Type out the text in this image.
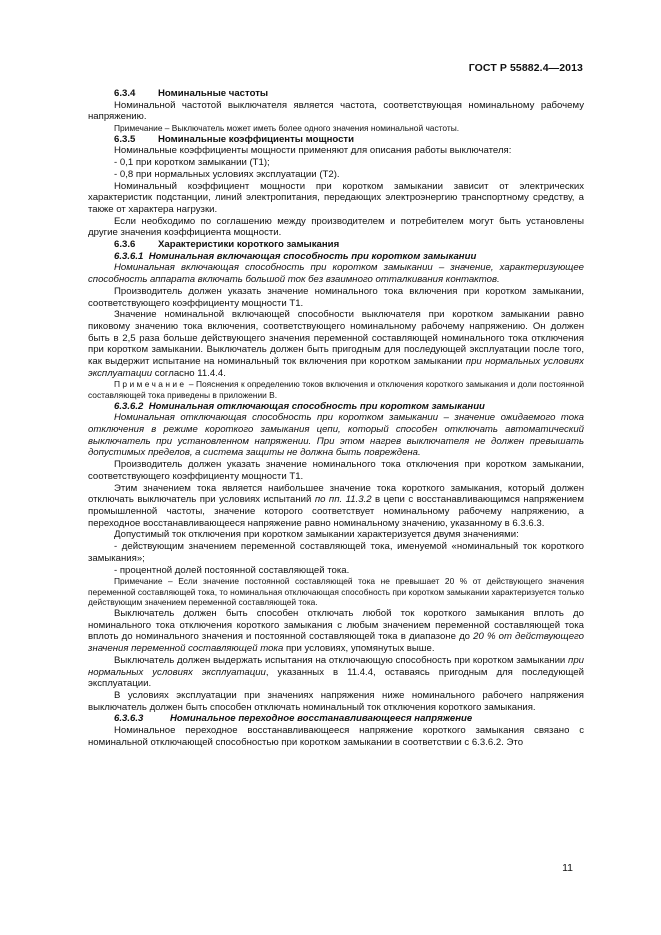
ГОСТ Р 55882.4—2013

6.3.4 Номинальные частоты

Номинальной частотой выключателя является частота, соответствующая номинальному рабочему напряжению.

Примечание – Выключатель может иметь более одного значения номинальной частоты.

6.3.5 Номинальные коэффициенты мощности

Номинальные коэффициенты мощности применяют для описания работы выключателя:

- 0,1 при коротком замыкании (Т1);

- 0,8 при нормальных условиях эксплуатации (Т2).

Номинальный коэффициент мощности при коротком замыкании зависит от электрических характеристик подстанции, линий электропитания, передающих электроэнергию транспортному средству, а также от характера нагрузки.

Если необходимо по соглашению между производителем и потребителем могут быть установлены другие значения коэффициента мощности.

6.3.6 Характеристики короткого замыкания

6.3.6.1 Номинальная включающая способность при коротком замыкании

Номинальная включающая способность при коротком замыкании – значение, характеризующее способность аппарата включать большой ток без взаимного отталкивания контактов.

Производитель должен указать значение номинального тока включения при коротком замыкании, соответствующего коэффициенту мощности Т1.

Значение номинальной включающей способности выключателя при коротком замыкании равно пиковому значению тока включения, соответствующего номинальному рабочему напряжению. Он должен быть в 2,5 раза больше действующего значения переменной составляющей номинального тока отключения при коротком замыкании. Выключатель должен быть пригодным для последующей эксплуатации после того, как выдержит испытание на номинальный ток включения при коротком замыкании при нормальных условиях эксплуатации согласно 11.4.4.

Примечание – Пояснения к определению токов включения и отключения короткого замыкания и доли постоянной составляющей тока приведены в приложении В.

6.3.6.2 Номинальная отключающая способность при коротком замыкании

Номинальная отключающая способность при коротком замыкании – значение ожидаемого тока отключения в режиме короткого замыкания цепи, который способен отключать автоматический выключатель при установленном напряжении. При этом нагрев выключателя не должен превышать допустимых пределов, а система защиты не должна быть повреждена.

Производитель должен указать значение номинального тока отключения при коротком замыкании, соответствующего коэффициенту мощности Т1.

Этим значением тока является наибольшее значение тока короткого замыкания, который должен отключать выключатель при условиях испытаний по пп. 11.3.2 в цепи с восстанавливающимся напряжением промышленной частоты, значение которого соответствует номинальному рабочему напряжению, а переходное восстанавливающееся напряжение равно номинальному значению, указанному в 6.3.6.3.

Допустимый ток отключения при коротком замыкании характеризуется двумя значениями:

- действующим значением переменной составляющей тока, именуемой «номинальный ток короткого замыкания»;

- процентной долей постоянной составляющей тока.

Примечание – Если значение постоянной составляющей тока не превышает 20 % от действующего значения переменной составляющей тока, то номинальная отключающая способность при коротком замыкании характеризуется только действующим значением переменной составляющей тока.

Выключатель должен быть способен отключать любой ток короткого замыкания вплоть до номинального тока отключения короткого замыкания с любым значением переменной составляющей тока вплоть до номинального значения и постоянной составляющей тока в диапазоне до 20 % от действующего значения переменной составляющей тока при условиях, упомянутых выше.

Выключатель должен выдержать испытания на отключающую способность при коротком замыкании при нормальных условиях эксплуатации, указанных в 11.4.4, оставаясь пригодным для последующей эксплуатации.

В условиях эксплуатации при значениях напряжения ниже номинального рабочего напряжения выключатель должен быть способен отключать номинальный ток отключения короткого замыкания.

6.3.6.3	Номинальное переходное восстанавливающееся напряжение

Номинальное переходное восстанавливающееся напряжение короткого замыкания связано с номинальной отключающей способностью при коротком замыкании в соответствии с 6.3.6.2. Это

11
